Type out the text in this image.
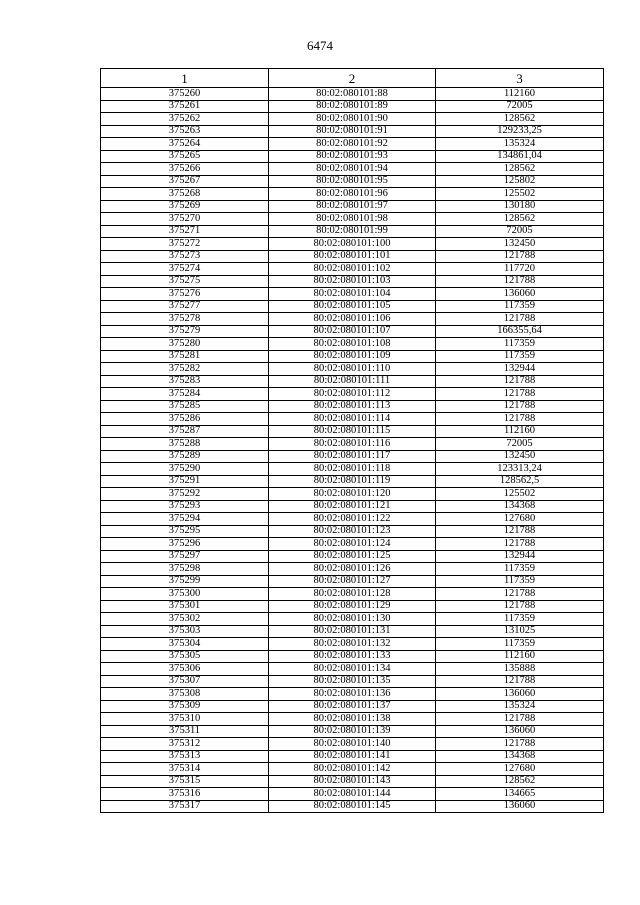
6474
1	2	3
375260	80:02:080101:88	112160
375261	80:02:080101:89	72005
375262	80:02:080101:90	128562
375263	80:02:080101:91	129233,25
375264	80:02:080101:92	135324
375265	80:02:080101:93	134861,04
375266	80:02:080101:94	128562
375267	80:02:080101:95	125802
375268	80:02:080101:96	125502
375269	80:02:080101:97	130180
375270	80:02:080101:98	128562
375271	80:02:080101:99	72005
375272	80:02:080101:100	132450
375273	80:02:080101:101	121788
375274	80:02:080101:102	117720
375275	80:02:080101:103	121788
375276	80:02:080101:104	136060
375277	80:02:080101:105	117359
375278	80:02:080101:106	121788
375279	80:02:080101:107	166355,64
375280	80:02:080101:108	117359
375281	80:02:080101:109	117359
375282	80:02:080101:110	132944
375283	80:02:080101:111	121788
375284	80:02:080101:112	121788
375285	80:02:080101:113	121788
375286	80:02:080101:114	121788
375287	80:02:080101:115	112160
375288	80:02:080101:116	72005
375289	80:02:080101:117	132450
375290	80:02:080101:118	123313,24
375291	80:02:080101:119	128562,5
375292	80:02:080101:120	125502
375293	80:02:080101:121	134368
375294	80:02:080101:122	127680
375295	80:02:080101:123	121788
375296	80:02:080101:124	121788
375297	80:02:080101:125	132944
375298	80:02:080101:126	117359
375299	80:02:080101:127	117359
375300	80:02:080101:128	121788
375301	80:02:080101:129	121788
375302	80:02:080101:130	117359
375303	80:02:080101:131	131025
375304	80:02:080101:132	117359
375305	80:02:080101:133	112160
375306	80:02:080101:134	135888
375307	80:02:080101:135	121788
375308	80:02:080101:136	136060
375309	80:02:080101:137	135324
375310	80:02:080101:138	121788
375311	80:02:080101:139	136060
375312	80:02:080101:140	121788
375313	80:02:080101:141	134368
375314	80:02:080101:142	127680
375315	80:02:080101:143	128562
375316	80:02:080101:144	134665
375317	80:02:080101:145	136060
